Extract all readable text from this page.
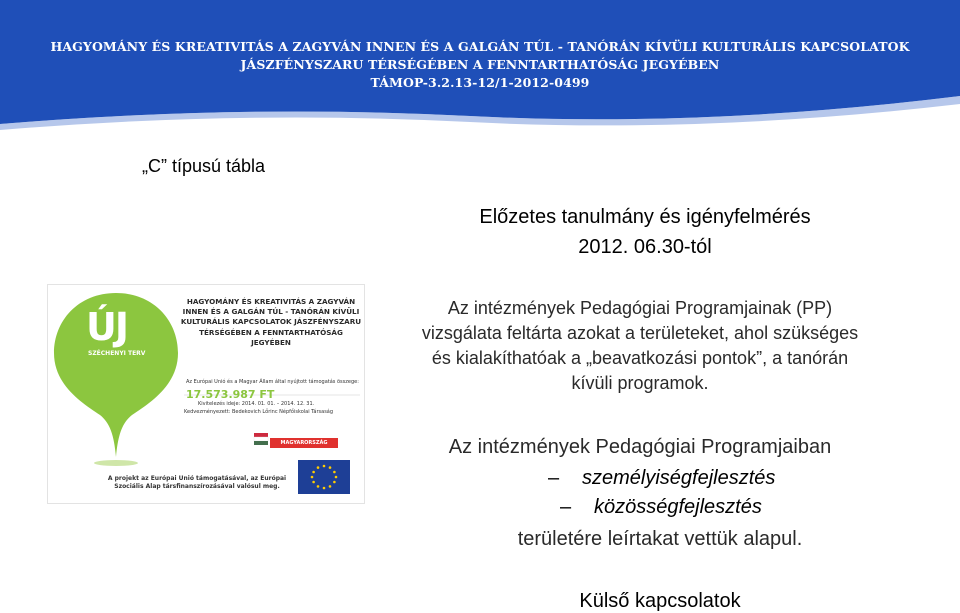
HAGYOMÁNY ÉS KREATIVITÁS A ZAGYVÁN INNEN ÉS A GALGÁN TÚL - TANÓRÁN KÍVÜLI KULTURÁLIS KAPCSOLATOK
JÁSZFÉNYSZARU TÉRSÉGÉBEN A FENNTARTHATÓSÁG JEGYÉBEN
TÁMOP-3.2.13-12/1-2012-0499
„C” típusú tábla
Előzetes tanulmány és igényfelmérés
2012. 06.30-tól
Az intézmények Pedagógiai Programjainak (PP)
vizsgálata feltárta azokat a területeket, ahol szükséges
és kialakíthatóak a „beavatkozási pontok”, a tanórán
kívüli programok.
Az intézmények Pedagógiai Programjaiban
– személyiségfejlesztés
– közösségfejlesztés
területére leírtakat vettük alapul.
Külső kapcsolatok
ÚJ
SZÉCHENYI TERV
HAGYOMÁNY ÉS KREATIVITÁS A ZAGYVÁN INNEN ÉS A GALGÁN TÚL - TANÓRÁN KÍVÜLI KULTURÁLIS KAPCSOLATOK JÁSZFÉNYSZARU TÉRSÉGÉBEN A FENNTARTHATÓSÁG JEGYÉBEN
Az Európai Unió és a Magyar Állam által nyújtott támogatás összege:
17.573.987 FT
Kivitelezés ideje: 2014. 01. 01. – 2014. 12. 31.
Kedvezményezett: Bedekovich Lőrinc Népfőiskolai Társaság
MAGYARORSZÁG MEGÚJUL
A projekt az Európai Unió támogatásával, az Európai Szociális Alap társfinanszírozásával valósul meg.
